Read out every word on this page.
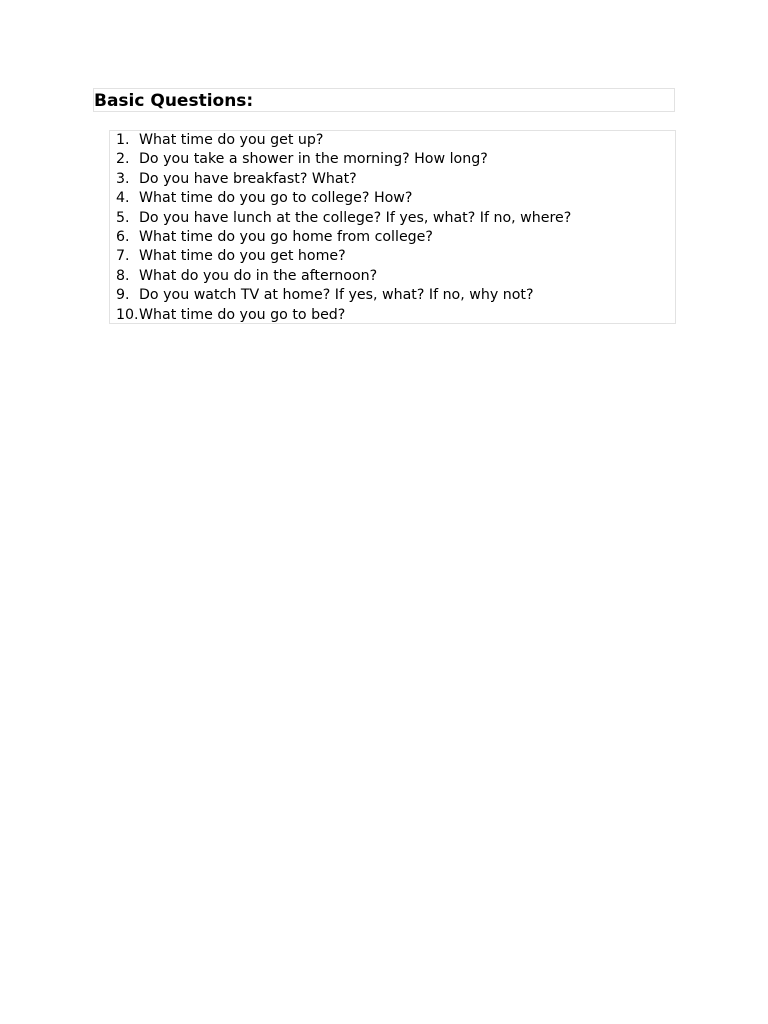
Basic Questions:
1. What time do you get up?
2. Do you take a shower in the morning? How long?
3. Do you have breakfast? What?
4. What time do you go to college? How?
5. Do you have lunch at the college? If yes, what? If no, where?
6. What time do you go home from college?
7. What time do you get home?
8. What do you do in the afternoon?
9. Do you watch TV at home? If yes, what? If no, why not?
10. What time do you go to bed?
